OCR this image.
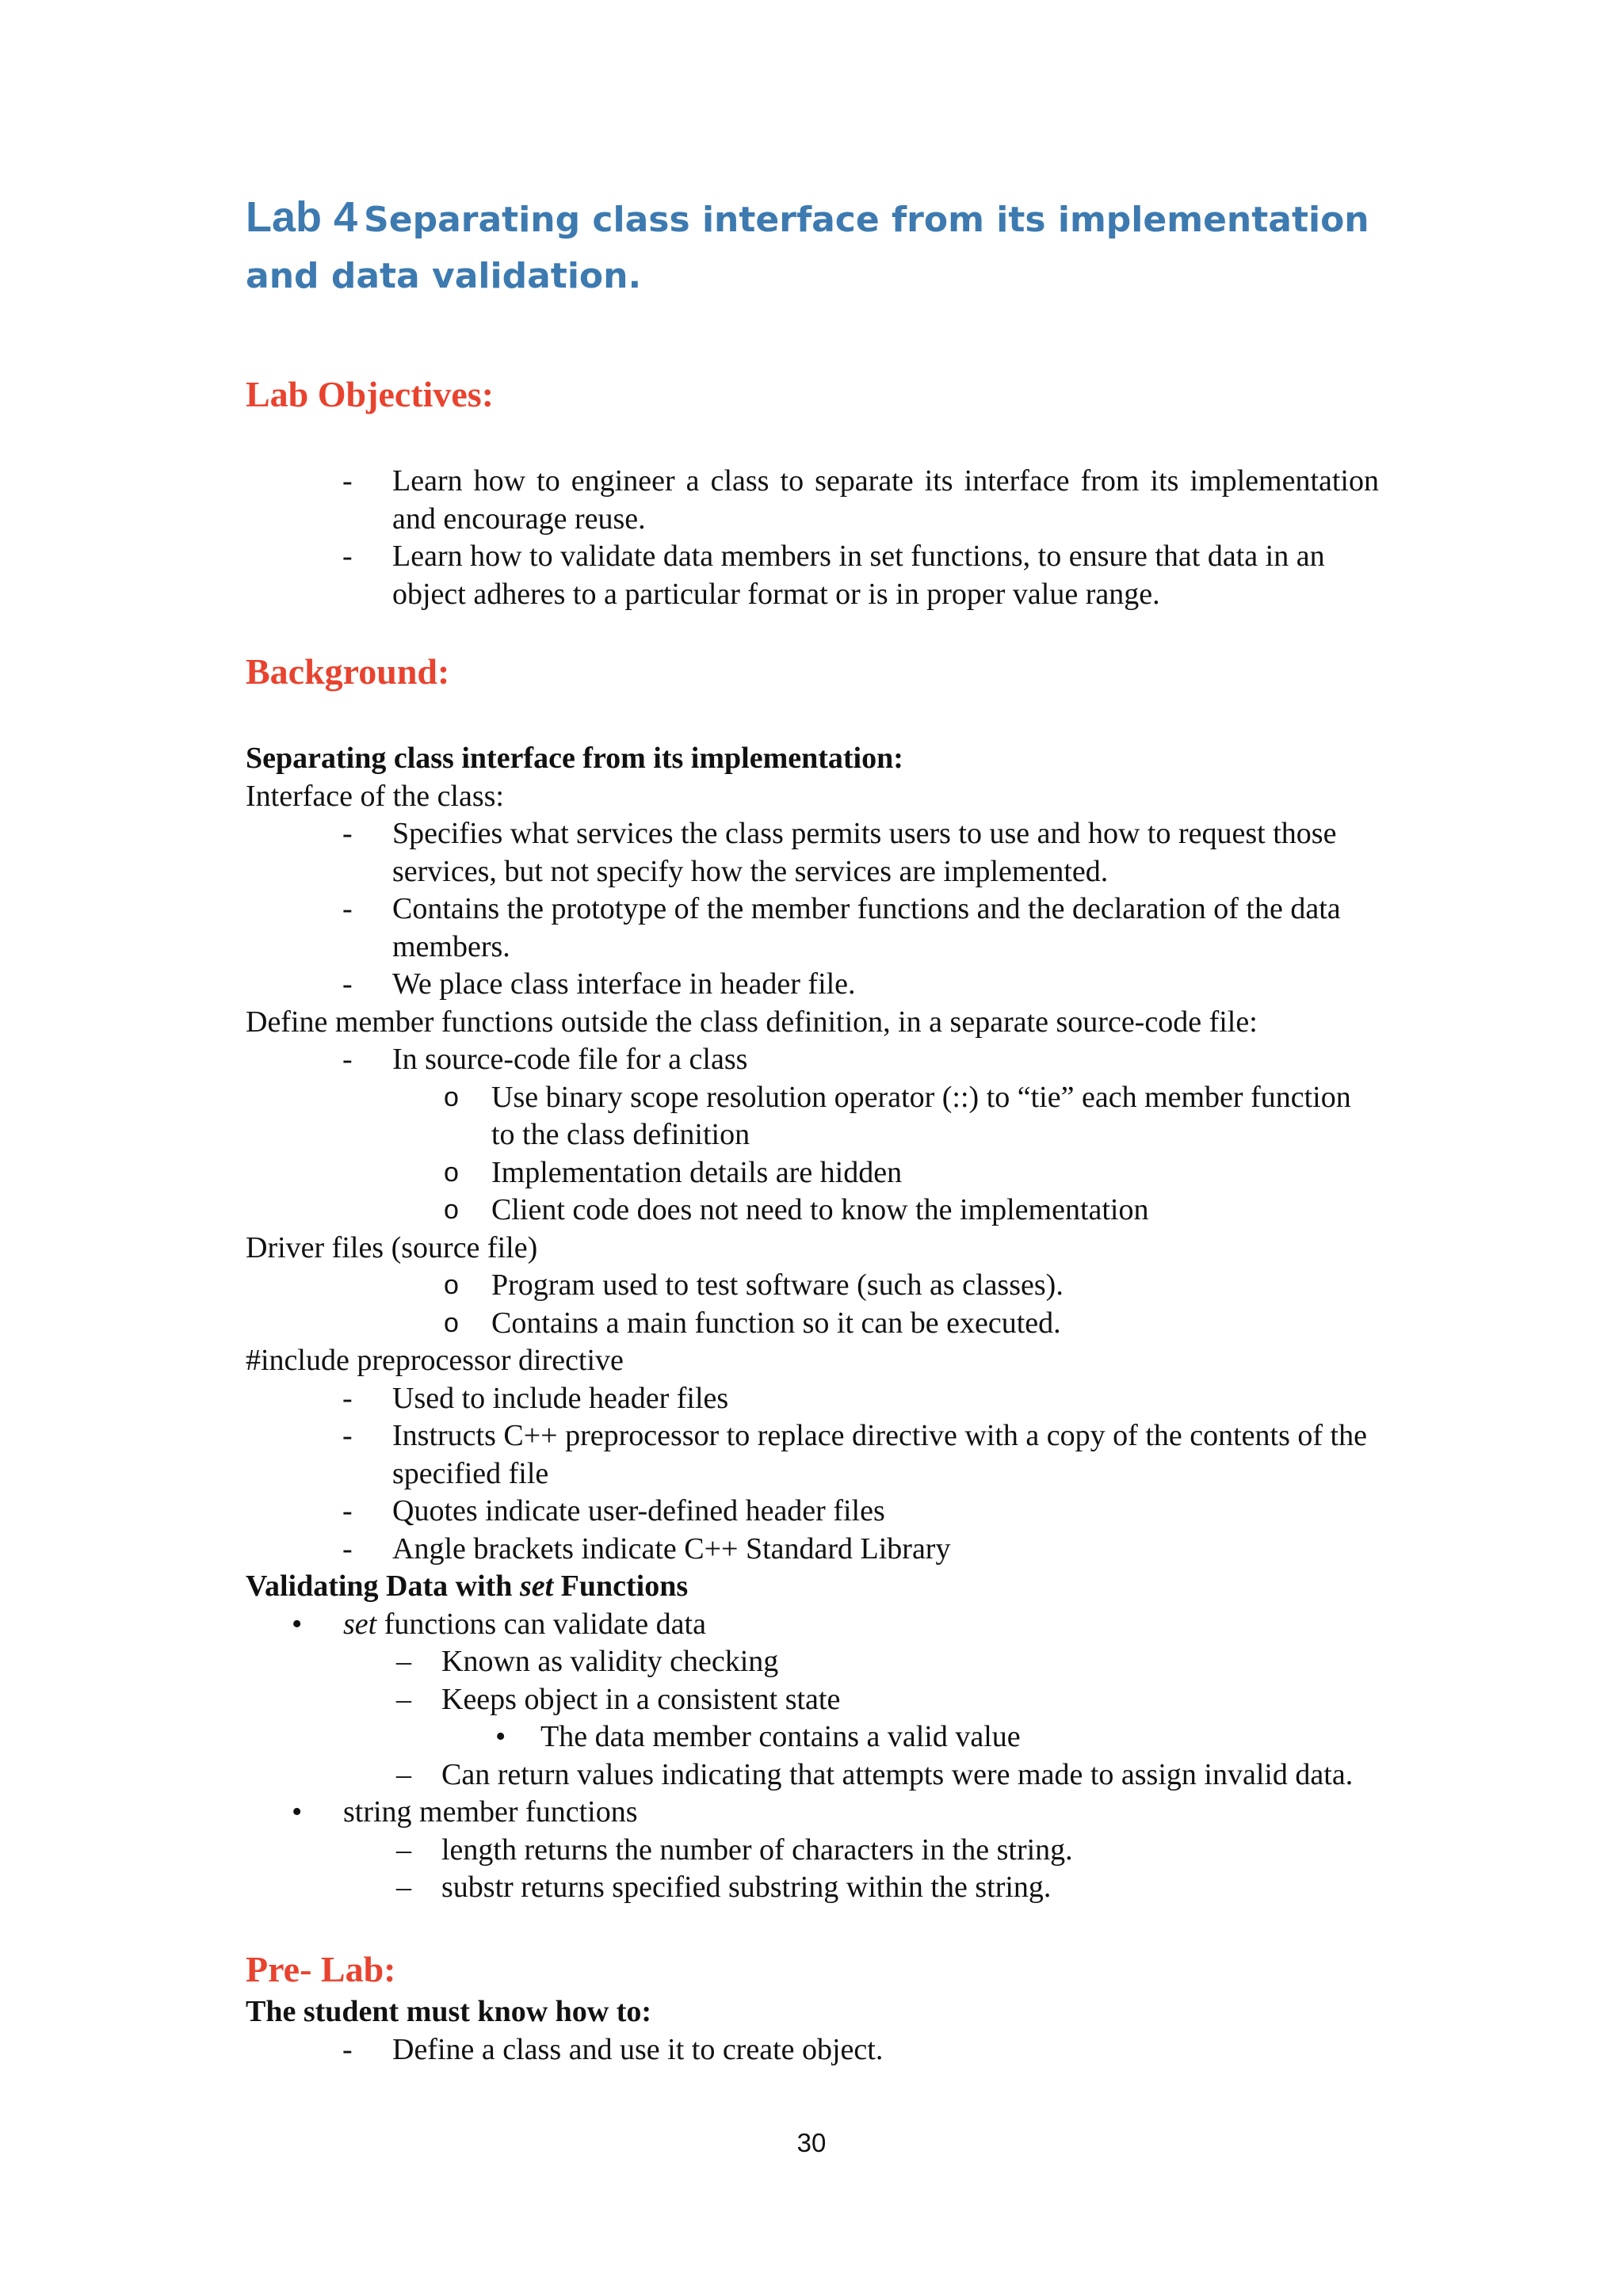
Lab 4 Separating class interface from its implementation and data validation.
Lab Objectives:
- Learn how to engineer a class to separate its interface from its implementation and encourage reuse.
- Learn how to validate data members in set functions, to ensure that data in an object adheres to a particular format or is in proper value range.
Background:
Separating class interface from its implementation:
Interface of the class:
- Specifies what services the class permits users to use and how to request those services, but not specify how the services are implemented.
- Contains the prototype of the member functions and the declaration of the data members.
- We place class interface in header file.
Define member functions outside the class definition, in a separate source-code file:
- In source-code file for a class
o Use binary scope resolution operator (::) to “tie” each member function to the class definition
o Implementation details are hidden
o Client code does not need to know the implementation
Driver files (source file)
o Program used to test software (such as classes).
o Contains a main function so it can be executed.
#include preprocessor directive
- Used to include header files
- Instructs C++ preprocessor to replace directive with a copy of the contents of the specified file
- Quotes indicate user-defined header files
- Angle brackets indicate C++ Standard Library
Validating Data with set Functions
• set functions can validate data
– Known as validity checking
– Keeps object in a consistent state
• The data member contains a valid value
– Can return values indicating that attempts were made to assign invalid data.
• string member functions
– length returns the number of characters in the string.
– substr returns specified substring within the string.
Pre- Lab:
The student must know how to:
- Define a class and use it to create object.
30
